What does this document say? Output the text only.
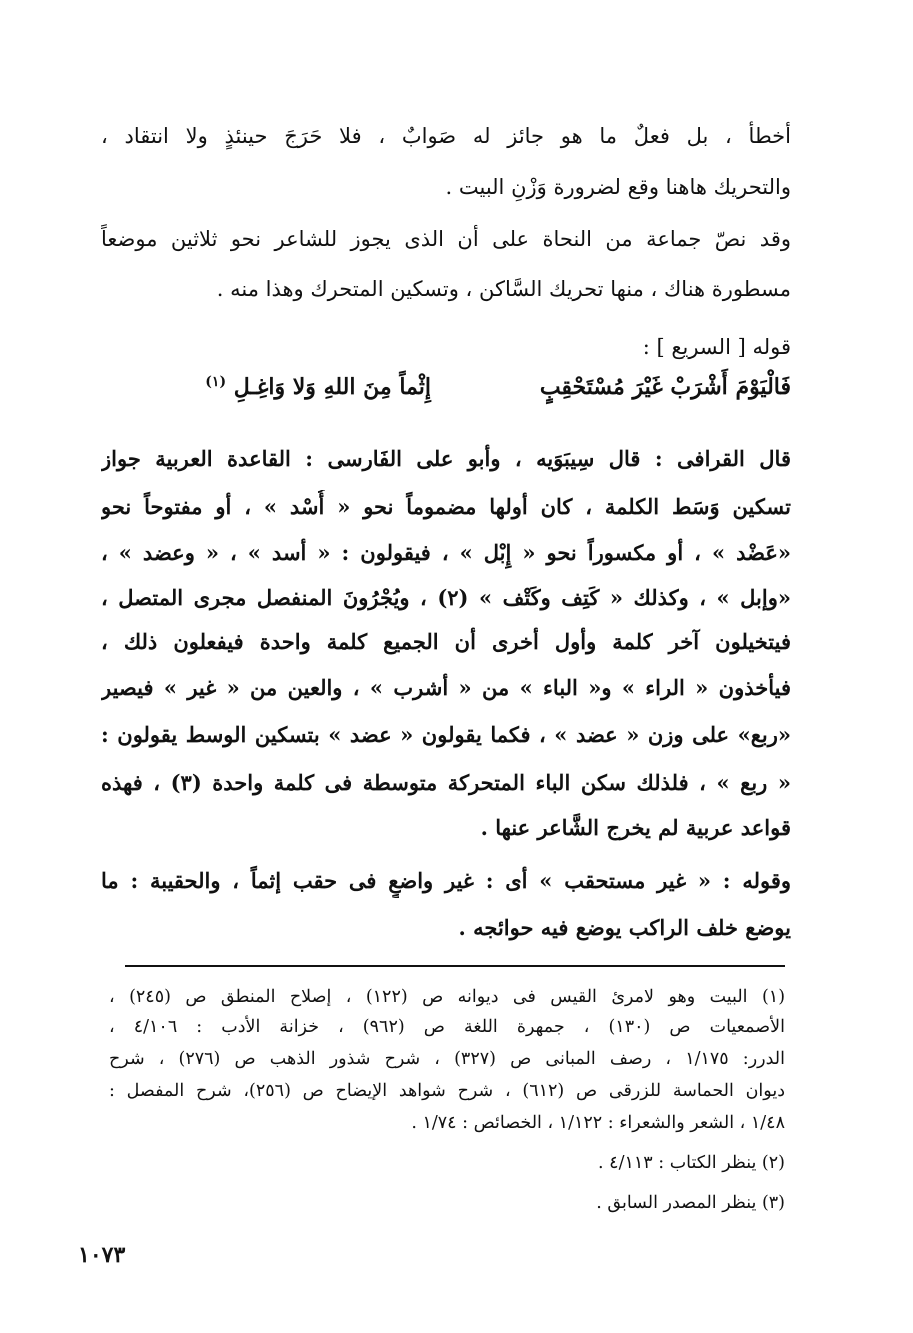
أخطأ ، بل فعلٌ ما هو جائز له صَوابٌ ، فلا حَرَجَ حينئذٍ ولا انتقاد ،
والتحريك هاهنا وقع لضرورة وَزْنِ البيت .
وقد نصّ جماعة من النحاة على أن الذى يجوز للشاعر نحو ثلاثين موضعاً
مسطورة هناك ، منها تحريك السَّاكن ، وتسكين المتحرك وهذا منه .
قوله [ السريع ] :
فَالْيَوْمَ أَشْرَبْ غَيْرَ مُسْتَحْقِبٍ
إِثْماً مِنَ اللهِ وَلا وَاغِـلِ $^{(١)}$
قال القرافى : قال سِيبَوَيه ، وأبو على الفَارسى : القاعدة العربية جواز
تسكين وَسَط الكلمة ، كان أولها مضموماً نحو « أُسْد » ، أو مفتوحاً نحو
«عَضْد » ، أو مكسوراً نحو « إِبْل » ، فيقولون : « أسد » ، « وعضد » ،
«وإبل » ، وكذلك « كَتِف وكَتْف » (٢) ، ويُجْرُونَ المنفصل مجرى المتصل ،
فيتخيلون آخر كلمة وأول أخرى أن الجميع كلمة واحدة فيفعلون ذلك ،
فيأخذون « الراء » و« الباء » من « أشرب » ، والعين من « غير » فيصير
«ربع» على وزن « عضد » ، فكما يقولون « عضد » بتسكين الوسط يقولون :
« ربع » ، فلذلك سكن الباء المتحركة متوسطة فى كلمة واحدة (٣) ، فهذه
قواعد عربية لم يخرج الشَّاعر عنها .
وقوله : « غير مستحقب » أى : غير واضعٍ فى حقب إثماً ، والحقيبة : ما
يوضع خلف الراكب يوضع فيه حوائجه .
(١) البيت وهو لامرئ القيس فى ديوانه ص (١٢٢) ، إصلاح المنطق ص (٢٤٥) ،
الأصمعيات ص (١٣٠) ، جمهرة اللغة ص (٩٦٢) ، خزانة الأدب : ٤/١٠٦ ،
الدرر: ١/١٧٥ ، رصف المبانى ص (٣٢٧) ، شرح شذور الذهب ص (٢٧٦) ، شرح
ديوان الحماسة للزرقى ص (٦١٢) ، شرح شواهد الإيضاح ص (٢٥٦)، شرح المفصل :
١/٤٨ ، الشعر والشعراء : ١/١٢٢ ، الخصائص : ١/٧٤ .
(٢) ينظر الكتاب : ٤/١١٣ .
(٣) ينظر المصدر السابق .
١٠٧٣
